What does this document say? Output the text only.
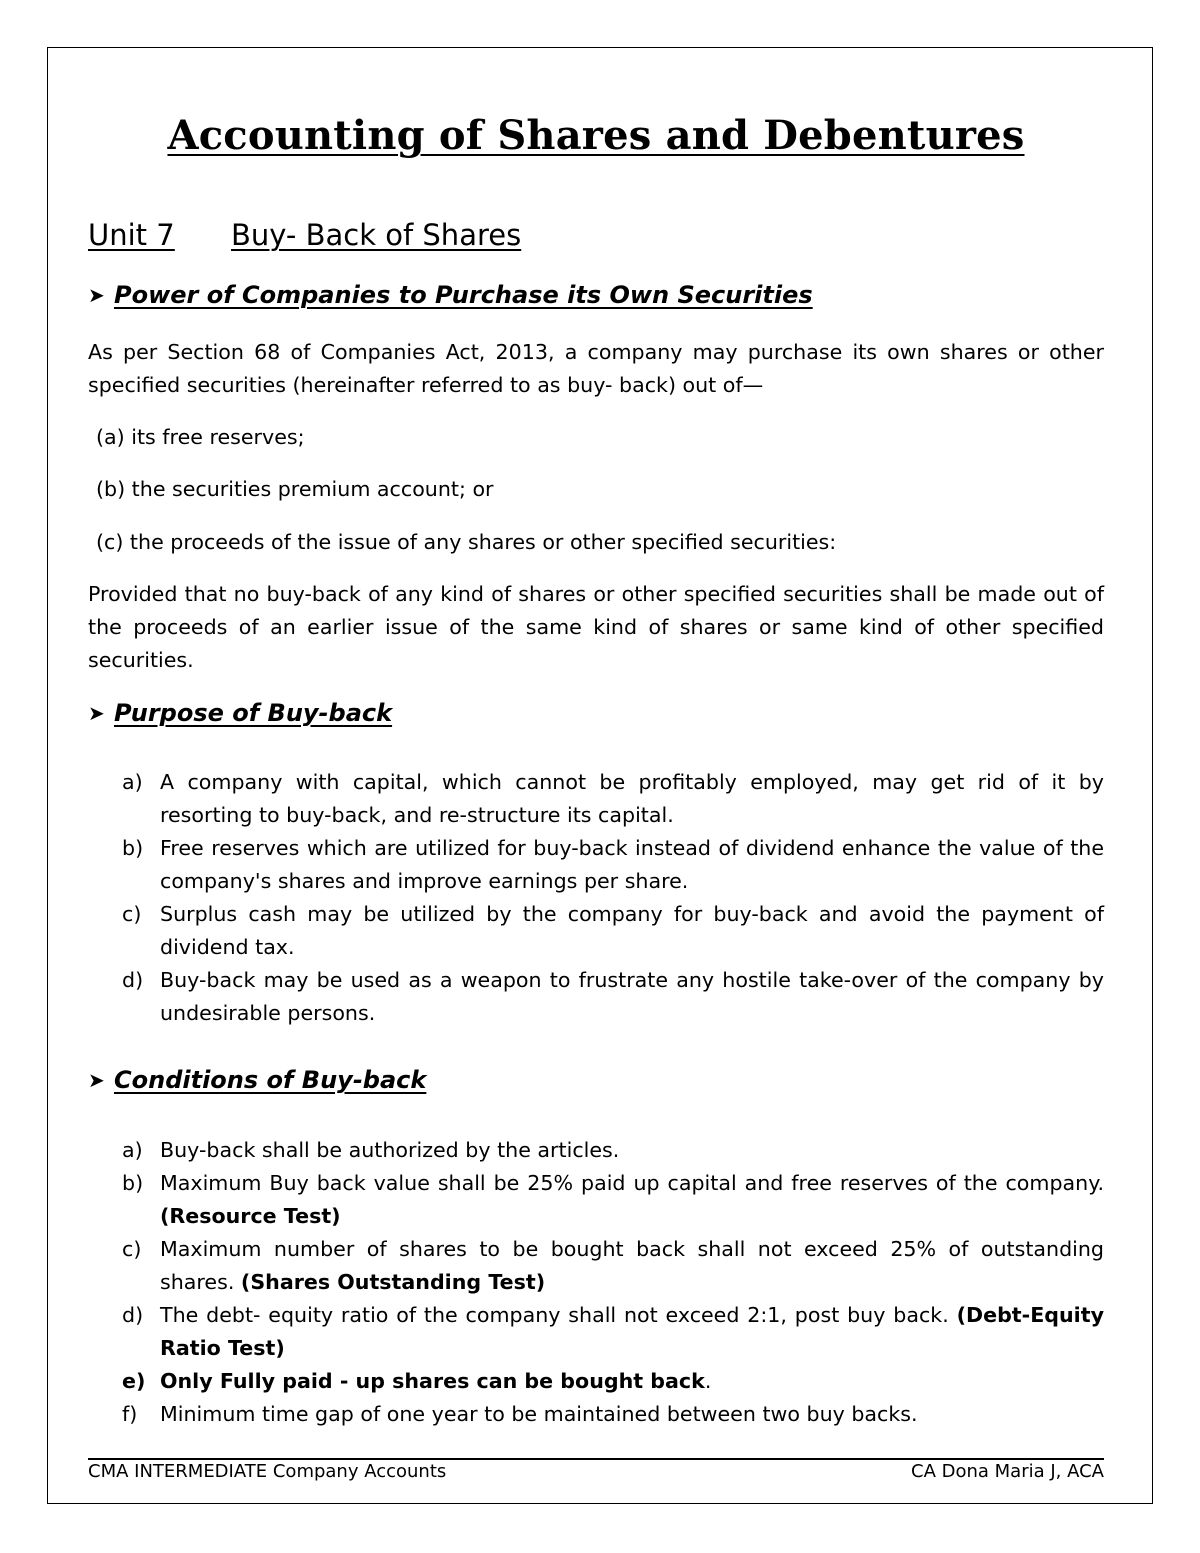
Accounting of Shares and Debentures
Unit 7 Buy- Back of Shares
➤ Power of Companies to Purchase its Own Securities

As per Section 68 of Companies Act, 2013, a company may purchase its own shares or other specified securities (hereinafter referred to as buy- back) out of—

(a) its free reserves;

(b) the securities premium account; or

(c) the proceeds of the issue of any shares or other specified securities:

Provided that no buy-back of any kind of shares or other specified securities shall be made out of the proceeds of an earlier issue of the same kind of shares or same kind of other specified securities.

➤ Purpose of Buy-back
a) A company with capital, which cannot be profitably employed, may get rid of it by resorting to buy-back, and re-structure its capital.
b) Free reserves which are utilized for buy-back instead of dividend enhance the value of the company's shares and improve earnings per share.
c) Surplus cash may be utilized by the company for buy-back and avoid the payment of dividend tax.
d) Buy-back may be used as a weapon to frustrate any hostile take-over of the company by undesirable persons.
➤ Conditions of Buy-back
a) Buy-back shall be authorized by the articles.
b) Maximum Buy back value shall be 25% paid up capital and free reserves of the company. (Resource Test)
c) Maximum number of shares to be bought back shall not exceed 25% of outstanding shares. (Shares Outstanding Test)
d) The debt- equity ratio of the company shall not exceed 2:1, post buy back. (Debt-Equity Ratio Test)
e) Only Fully paid - up shares can be bought back.
f) Minimum time gap of one year to be maintained between two buy backs.
CMA INTERMEDIATE Company Accounts	CA Dona Maria J, ACA
